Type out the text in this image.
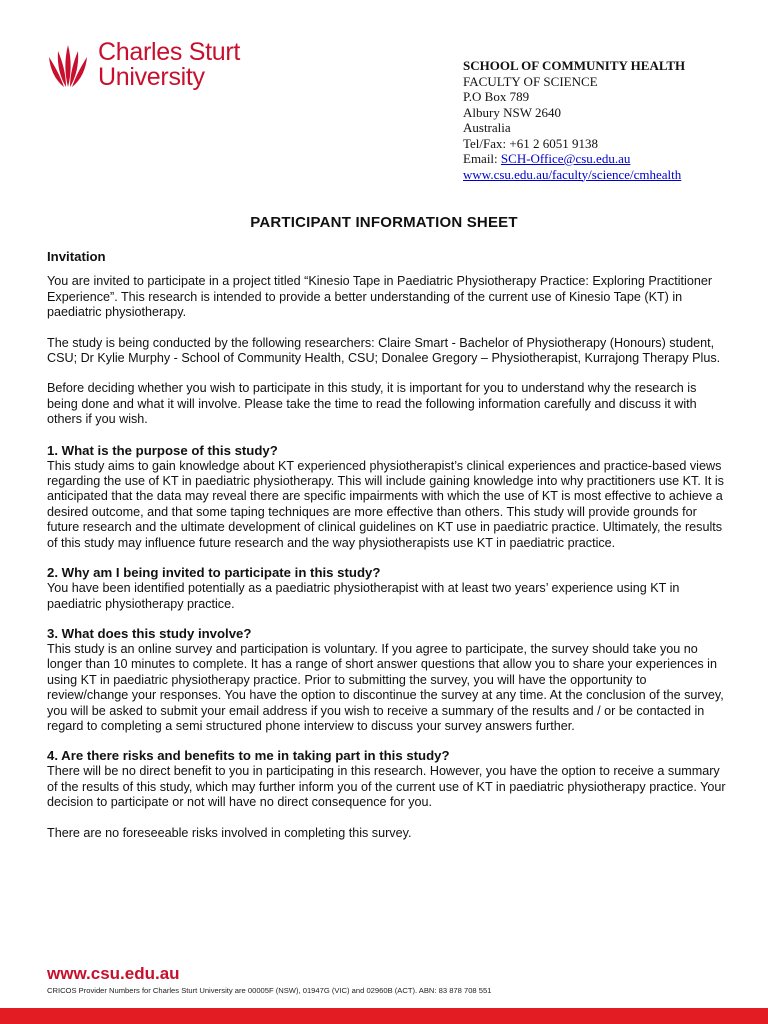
Charles Sturt
University	SCHOOL OF COMMUNITY HEALTH
FACULTY OF SCIENCE
P.O Box 789
Albury NSW 2640
Australia
Tel/Fax: +61 2 6051 9138
Email: SCH-Office@csu.edu.au
www.csu.edu.au/faculty/science/cmhealth
PARTICIPANT INFORMATION SHEET
Invitation

You are invited to participate in a project titled “Kinesio Tape in Paediatric Physiotherapy Practice: Exploring Practitioner Experience”. This research is intended to provide a better understanding of the current use of Kinesio Tape (KT) in paediatric physiotherapy.

The study is being conducted by the following researchers: Claire Smart - Bachelor of Physiotherapy (Honours) student, CSU; Dr Kylie Murphy - School of Community Health, CSU; Donalee Gregory – Physiotherapist, Kurrajong Therapy Plus.

Before deciding whether you wish to participate in this study, it is important for you to understand why the research is being done and what it will involve. Please take the time to read the following information carefully and discuss it with others if you wish.

1. What is the purpose of this study?
This study aims to gain knowledge about KT experienced physiotherapist’s clinical experiences and practice-based views regarding the use of KT in paediatric physiotherapy. This will include gaining knowledge into why practitioners use KT. It is anticipated that the data may reveal there are specific impairments with which the use of KT is most effective to achieve a desired outcome, and that some taping techniques are more effective than others. This study will provide grounds for future research and the ultimate development of clinical guidelines on KT use in paediatric practice. Ultimately, the results of this study may influence future research and the way physiotherapists use KT in paediatric practice.
2. Why am I being invited to participate in this study?
You have been identified potentially as a paediatric physiotherapist with at least two years’ experience using KT in paediatric physiotherapy practice.
3. What does this study involve?
This study is an online survey and participation is voluntary. If you agree to participate, the survey should take you no longer than 10 minutes to complete. It has a range of short answer questions that allow you to share your experiences in using KT in paediatric physiotherapy practice. Prior to submitting the survey, you will have the opportunity to review/change your responses. You have the option to discontinue the survey at any time. At the conclusion of the survey, you will be asked to submit your email address if you wish to receive a summary of the results and / or be contacted in regard to completing a semi structured phone interview to discuss your survey answers further.
4. Are there risks and benefits to me in taking part in this study?

There will be no direct benefit to you in participating in this research. However, you have the option to receive a summary of the results of this study, which may further inform you of the current use of KT in paediatric physiotherapy practice. Your decision to participate or not will have no direct consequence for you.

There are no foreseeable risks involved in completing this survey.
www.csu.edu.au
CRICOS Provider Numbers for Charles Sturt University are 00005F (NSW), 01947G (VIC) and 02960B (ACT). ABN: 83 878 708 551
